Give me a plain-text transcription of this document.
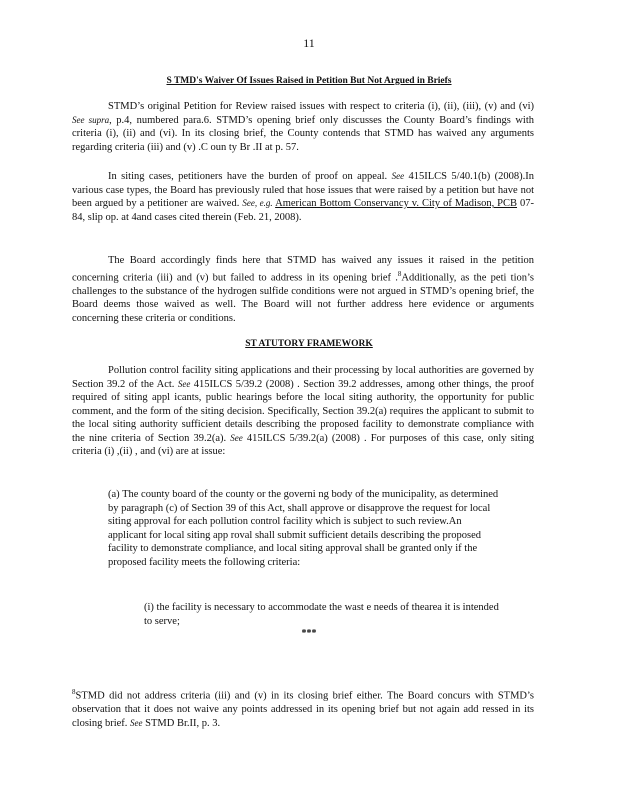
11
S TMD's Waiver Of Issues Raised in Petition But Not Argued in Briefs

STMD’s original Petition for Review raised issues with respect to criteria (i), (ii), (iii), (v) and (vi) See supra, p.4, numbered para.6. STMD’s opening brief only discusses the County Board’s findings with criteria (i), (ii) and (vi). In its closing brief, the County contends that STMD has waived any arguments regarding criteria (iii) and (v) .C oun ty Br .II at p. 57.

In siting cases, petitioners have the burden of proof on appeal. See 415ILCS 5/40.1(b) (2008).In various case types, the Board has previously ruled that hose issues that were raised by a petition but have not been argued by a petitioner are waived. See, e.g. American Bottom Conservancy v. City of Madison, PCB 07- 84, slip op. at 4and cases cited therein (Feb. 21, 2008).

The Board accordingly finds here that STMD has waived any issues it raised in the petition concerning criteria (iii) and (v) but failed to address in its opening brief .$^8$Additionally, as the peti tion’s challenges to the substance of the hydrogen sulfide conditions were not argued in STMD’s opening brief, the Board deems those waived as well. The Board will not further address here evidence or arguments concerning these criteria or conditions.

ST ATUTORY FRAMEWORK

Pollution control facility siting applications and their processing by local authorities are governed by Section 39.2 of the Act. See 415ILCS 5/39.2 (2008) . Section 39.2 addresses, among other things, the proof required of siting appl icants, public hearings before the local siting authority, the opportunity for public comment, and the form of the siting decision. Specifically, Section 39.2(a) requires the applicant to submit to the local siting authority sufficient details describing the proposed facility to demonstrate compliance with the nine criteria of Section 39.2(a). See 415ILCS 5/39.2(a) (2008) . For purposes of this case, only siting criteria (i) ,(ii) , and (vi) are at issue:

(a) The county board of the county or the governi ng body of the municipality, as determined by paragraph (c) of Section 39 of this Act, shall approve or disapprove the request for local siting approval for each pollution control facility which is subject to such review.An applicant for local siting app roval shall submit sufficient details describing the proposed facility to demonstrate compliance, and local siting approval shall be granted only if the proposed facility meets the following criteria:

(i) the facility is necessary to accommodate the wast e needs of thearea it is intended to serve;

***

$^8$STMD did not address criteria (iii) and (v) in its closing brief either. The Board concurs with STMD’s observation that it does not waive any points addressed in its opening brief but not again add ressed in its closing brief. See STMD Br.II, p. 3.
